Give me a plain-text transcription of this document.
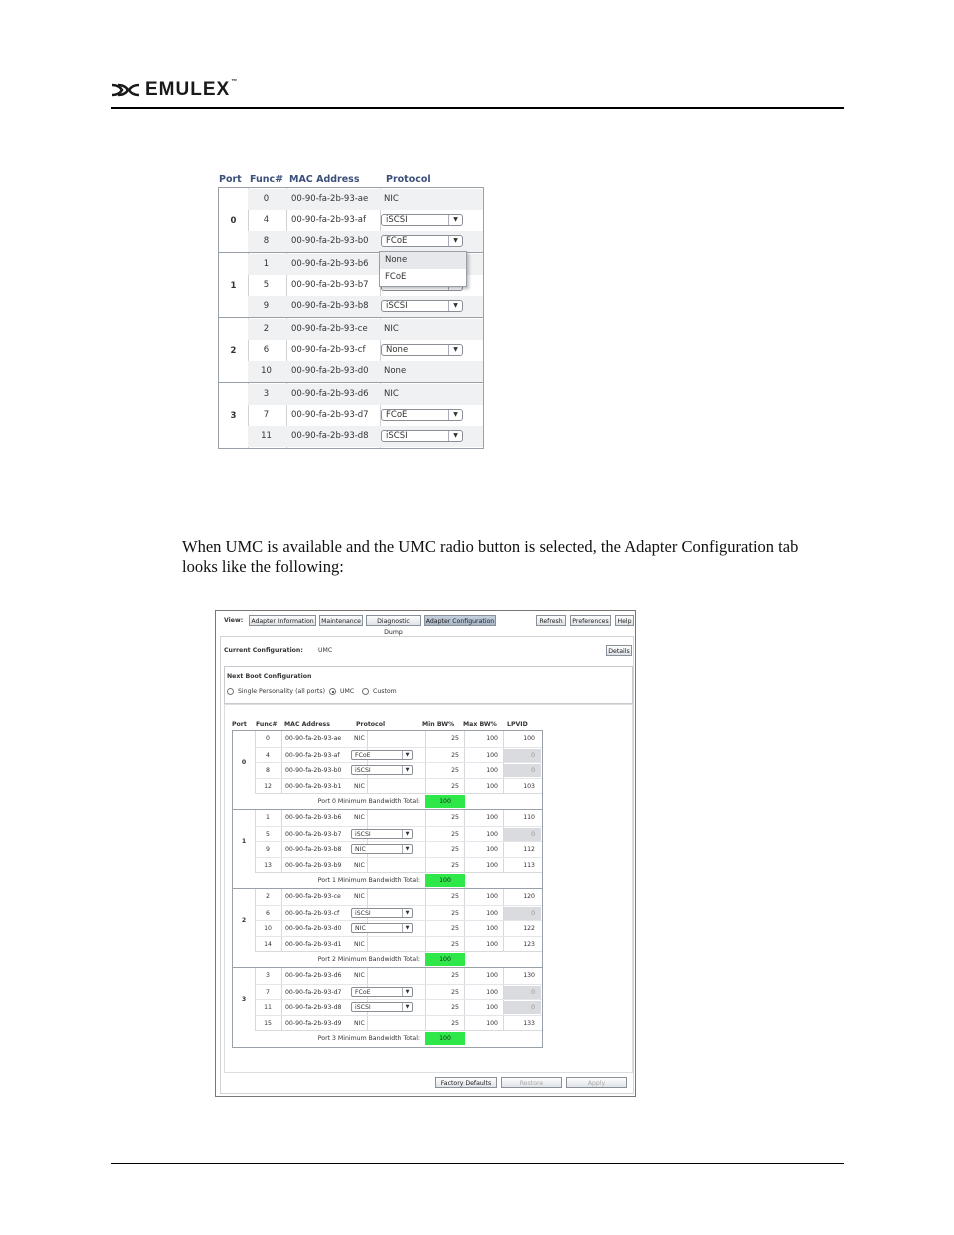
EMULEX™
Port Func# MAC Address	Protocol
0
0	00-90-fa-2b-93-ae NIC
4	00-90-fa-2b-93-af iSCSI	▼
8	00-90-fa-2b-93-b0 FCoE	▼
1
1	00-90-fa-2b-93-b6
5	00-90-fa-2b-93-b7
9	00-90-fa-2b-93-b8 iSCSI	▼
2
2	00-90-fa-2b-93-ce NIC
6	00-90-fa-2b-93-cf None	▼
10	00-90-fa-2b-93-d0 None
3
3	00-90-fa-2b-93-d6 NIC
7	00-90-fa-2b-93-d7 FCoE	▼
11	00-90-fa-2b-93-d8 iSCSI	▼
None
FCoE
When UMC is available and the UMC radio button is selected, the Adapter Configuration tab looks like the following:
View:	Adapter Information	Maintenance	Diagnostic Dump
Adapter Configuration	Refresh	Preferences	Help
Current Configuration: UMC	Details
Next Boot Configuration
Single Personality (all ports) UMC	Custom
Port Func# MAC Address	Protocol	Min BW% Max BW% LPVID
0
0	00-90-fa-2b-93-ae NIC	25	100	100
4	00-90-fa-2b-93-af FCoE	▼	25	100	0
8	00-90-fa-2b-93-b0 iSCSI	▼	25	100	0
12	00-90-fa-2b-93-b1 NIC	25	100	103
Port 0 Minimum Bandwidth Total:	100
1
1	00-90-fa-2b-93-b6 NIC	25	100	110
5	00-90-fa-2b-93-b7 iSCSI	▼	25	100	0
9	00-90-fa-2b-93-b8 NIC	▼	25	100	112
13	00-90-fa-2b-93-b9 NIC	25	100	113
Port 1 Minimum Bandwidth Total:	100
2
2	00-90-fa-2b-93-ce NIC	25	100	120
6	00-90-fa-2b-93-cf	iSCSI	▼	25	100	0
10	00-90-fa-2b-93-d0 NIC	▼	25	100	122
14	00-90-fa-2b-93-d1 NIC	25	100	123
Port 2 Minimum Bandwidth Total:	100
3
3	00-90-fa-2b-93-d6 NIC	25	100	130
7	00-90-fa-2b-93-d7 FCoE	▼	25	100	0
11	00-90-fa-2b-93-d8 iSCSI	▼	25	100	0
15	00-90-fa-2b-93-d9 NIC	25	100	133
Port 3 Minimum Bandwidth Total:	100
Factory Defaults	Restore	Apply
